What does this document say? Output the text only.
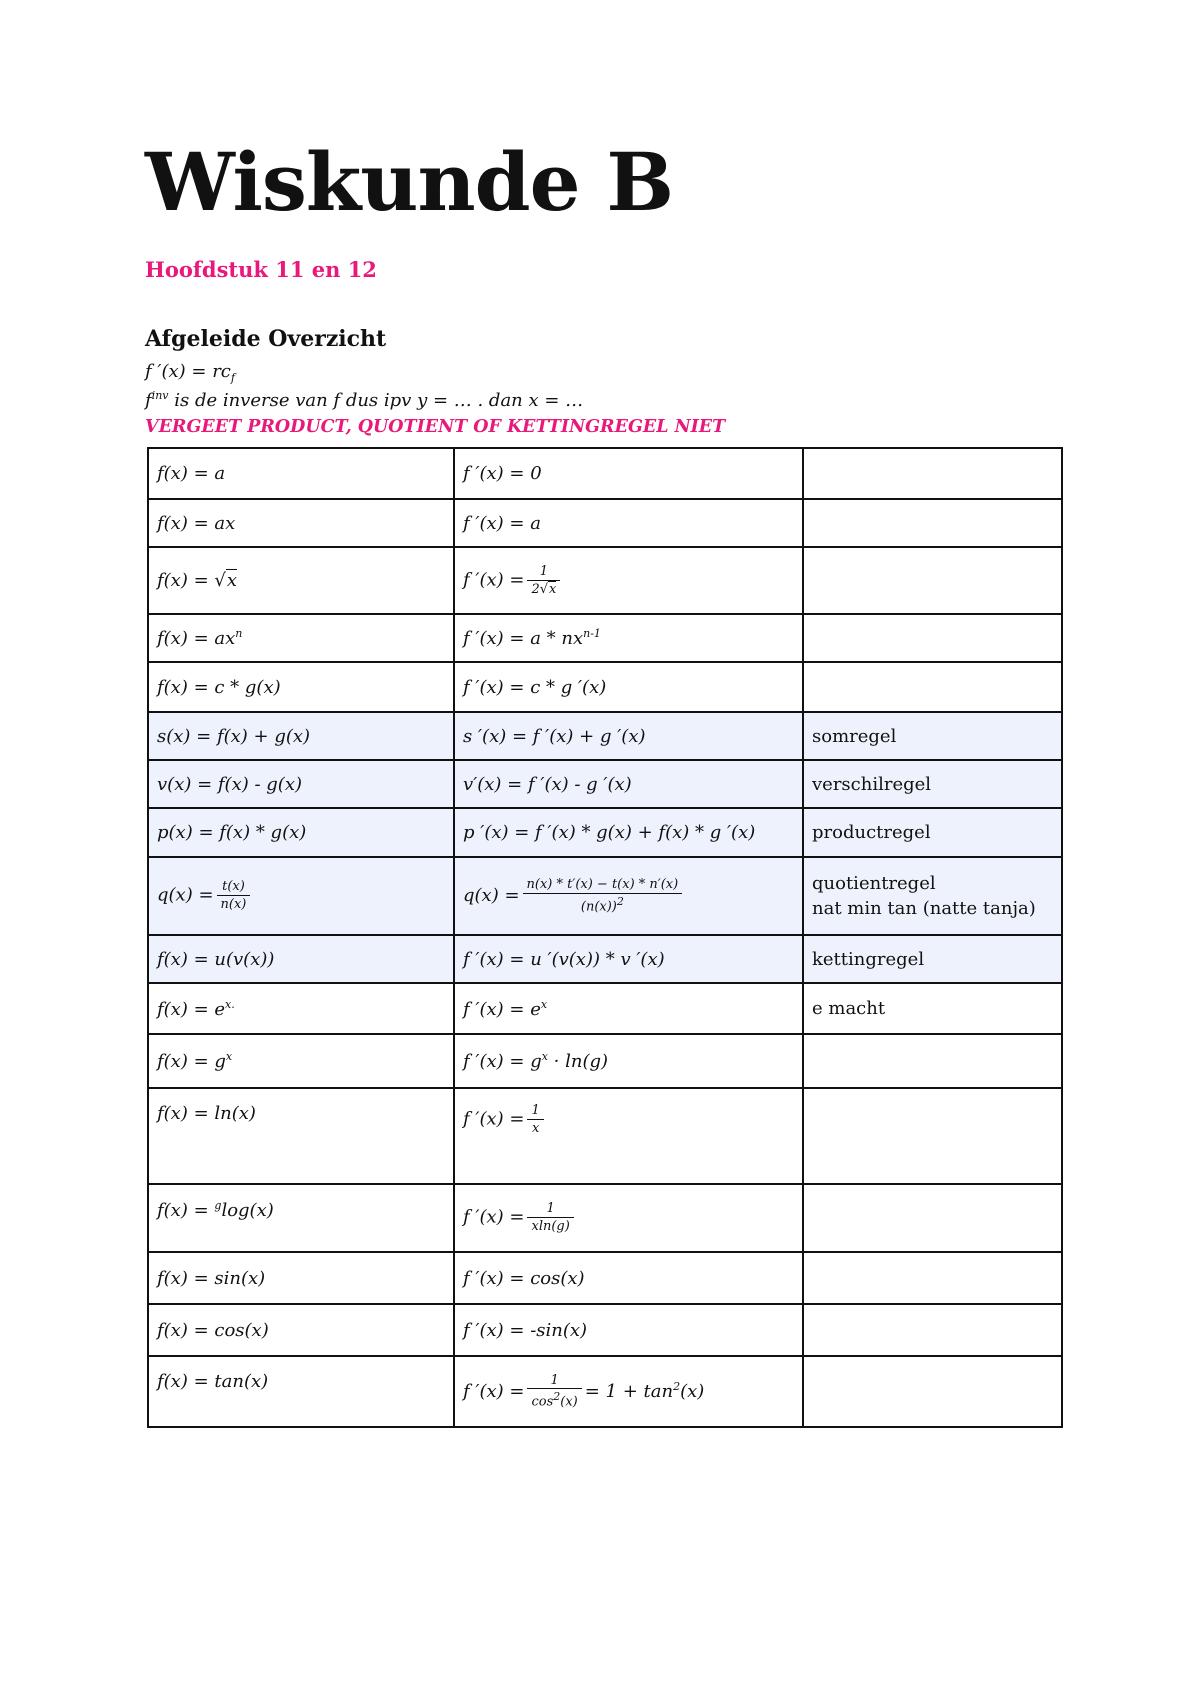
Wiskunde B
Hoofdstuk 11 en 12
Afgeleide Overzicht
f $'(x) = rc_f$
$f^{inv}$ is de inverse van f dus ipv y = … . dan x = …
VERGEET PRODUCT, QUOTIENT OF KETTINGREGEL NIET
f(x) = a	f ′(x) = 0	
f(x) = ax	f ′(x) = a	
f(x) = √x	f $'(x) = \frac{1}{2√x}$

$f(x) = ax^n$	f $'(x) = a * nx^{n-1}$	
f(x) = c * g(x)	f ′(x) = c * g ′(x)	
s(x) = f(x) + g(x)	s ′(x) = f ′(x) + g ′(x)	somregel
v(x) = f(x) - g(x)	v′(x) = f ′(x) - g ′(x)	verschilregel
p(x) = f(x) * g(x)	p ′(x) = f ′(x) * g(x) + f(x) * g ′(x)	productregel
$q(x) = \frac{t(x)}{n(x)}$	$q(x) = \frac{n(x) * t'(x) - t(x) * n'(x)}{(n(x))^2}$	quotientregel
nat min tan (natte tanja)

f(x) = u(v(x))	f ′(x) = u ′(v(x)) * v ′(x)	kettingregel
$f(x) = e^{x.}$	f $'(x) = e^x$	e macht
$f(x) = g^x$	f $'(x) = g^x \cdot \ln(g)$	
f(x) = ln(x)	f $'(x) = \frac{1}{x}$

f(x) = $^g$log(x)	f $'(x) = \frac{1}{xln(g)}$

f(x) = sin(x)	f ′(x) = cos(x)	
f(x) = cos(x)	f ′(x) = -sin(x)	
f(x) = tan(x)	f $'(x) = \frac{1}{\cos^2(x)} = 1 + \tan^2(x)$	
